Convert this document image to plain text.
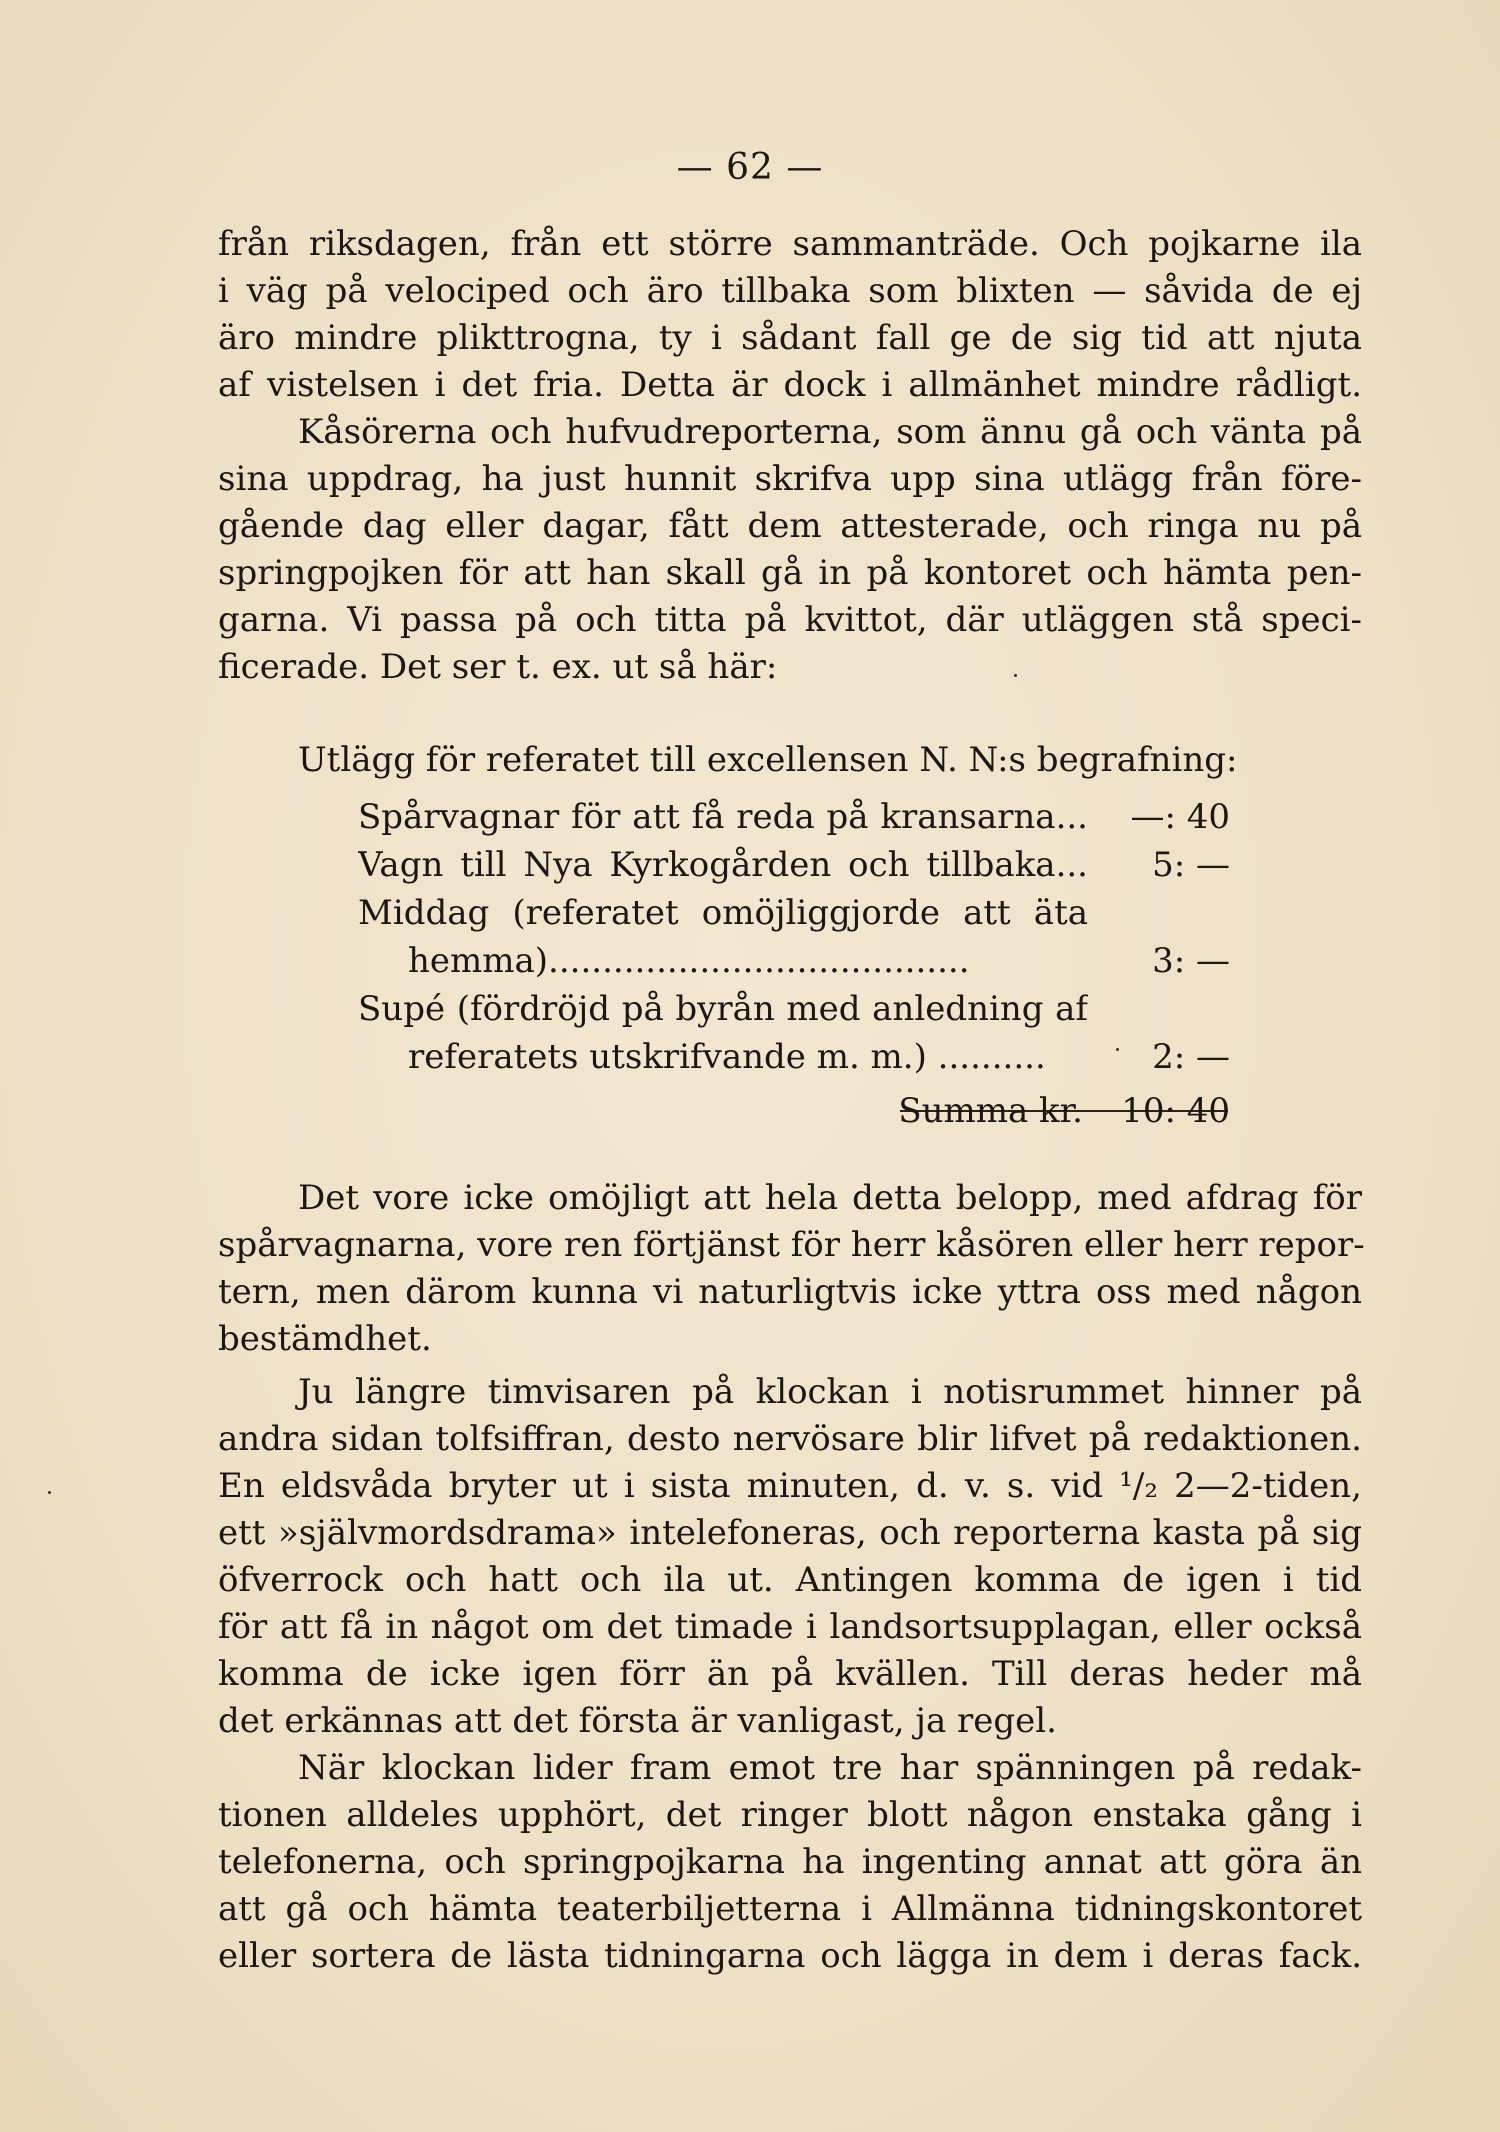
— 62 —
från riksdagen, från ett större sammanträde. Och pojkarne ila
i väg på velociped och äro tillbaka som blixten — såvida de ej
äro mindre plikttrogna, ty i sådant fall ge de sig tid att njuta
af vistelsen i det fria. Detta är dock i allmänhet mindre rådligt.
Kåsörerna och hufvudreporterna, som ännu gå och vänta på
sina uppdrag, ha just hunnit skrifva upp sina utlägg från före-
gående dag eller dagar, fått dem attesterade, och ringa nu på
springpojken för att han skall gå in på kontoret och hämta pen-
garna. Vi passa på och titta på kvittot, där utläggen stå speci-
ficerade. Det ser t. ex. ut så här:
Utlägg för referatet till excellensen N. N:s begrafning:
Spårvagnar för att få reda på kransarna...	—: 40
Vagn till Nya Kyrkogården och tillbaka...	5: —
Middag (referatet omöjliggjorde att äta
hemma).......................................	3: —
Supé (fördröjd på byrån med anledning af
referatets utskrifvande m. m.) ..........	2: —
Summa kr.	10: 40
Det vore icke omöjligt att hela detta belopp, med afdrag för
spårvagnarna, vore ren förtjänst för herr kåsören eller herr repor-
tern, men därom kunna vi naturligtvis icke yttra oss med någon
bestämdhet.
Ju längre timvisaren på klockan i notisrummet hinner på
andra sidan tolfsiffran, desto nervösare blir lifvet på redaktionen.
En eldsvåda bryter ut i sista minuten, d. v. s. vid ¹/₂ 2—2-tiden,
ett »självmordsdrama» intelefoneras, och reporterna kasta på sig
öfverrock och hatt och ila ut. Antingen komma de igen i tid
för att få in något om det timade i landsortsupplagan, eller också
komma de icke igen förr än på kvällen. Till deras heder må
det erkännas att det första är vanligast, ja regel.
När klockan lider fram emot tre har spänningen på redak-
tionen alldeles upphört, det ringer blott någon enstaka gång i
telefonerna, och springpojkarna ha ingenting annat att göra än
att gå och hämta teaterbiljetterna i Allmänna tidningskontoret
eller sortera de lästa tidningarna och lägga in dem i deras fack.
